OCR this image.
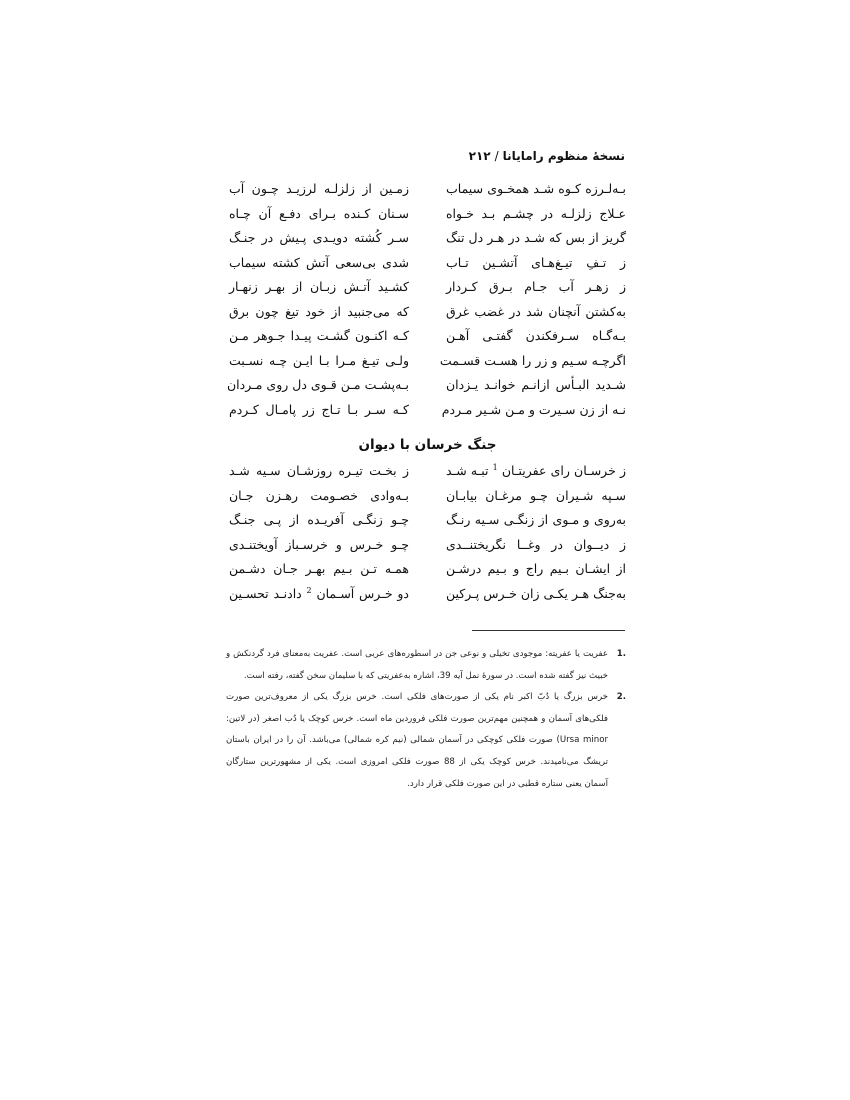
نسخهٔ منظوم رامایانا/۲۱۲
بـه‌لـرزه کـوه شـد همخـوی سیماب
زمـین از زلزلـه لرزیـد چـون آب
عـلاج زلزلـه در چشـم بـد خـواه
سـنان کـنده بـرای دفـع آن چـاه
گریز از بس که شـد در هـر دل تنگ
سـر کُشته دویـدی پـیش در جنـگ
ز تـفِ تیـغ‌هـای آتشـین تـاب
شدی بی‌سعی آتش کشته سیماب
ز زهـر آب جـام بـرق کـردار
کشـید آتـش زبـان از بهـر زنهـار
به‌کشتن آنچنان شد در غضب غرق
که می‌جنبید از خود تیغ چون برق
بـه‌گـاه سـرفکندن گفتـی آهـن
کـه اکنـون گشـت پیـدا جـوهر مـن
اگرچـه سـیم و زر را هسـت قسـمت
ولـی تیـغ مـرا بـا ایـن چـه نسـبت
شـدید البـأس ازانـم خوانـد یـزدان
بـه‌پشـت مـن قـوی دل روی مـردان
نـه از زن سـیرت و مـن شـیر مـردم
کـه سـر بـا تـاج زر پامـال کـردم
جنگ خرسان با دیوان
ز خرسـان رای عفریتـان $^1$ تبـه شـد
ز بخـت تیـره روزشـان سـیه شـد
سـپه شـیران چـو مرغـان بیابـان
بـه‌وادی خصـومت رهـزن جـان
به‌روی و مـوی از زنگـی سـیه رنـگ
چـو زنگـی آفریـده از پـی جنـگ
ز دیــوان در وغــا نگریختنــدی
چـو خـرس و خرسـباز آویختنـدی
از ایشـان بـیم راج و بـیم درشـن
همـه تـن بـیم بهـر جـان دشـمن
به‌جنگ هـر یکـی زان خـرس پـرکین
دو خـرس آسـمان $^2$ دادنـد تحسـین
1.
عفریت یا عفریته: موجودی تخیلی و نوعی جن در اسطوره‌های عربی است. عفریت به‌معنای فرد گردنکش و خبیث نیز گفته شده است. در سورهٔ نمل آیه 39، اشاره به‌عفریتی که با سلیمان سخن گفته، رفته است.
2.
خرس بزرگ یا دُبّ اکبر نام یکی از صورت‌های فلکی است. خرس بزرگ یکی از معروف‌ترین صورت فلکی‌های آسمان و همچنین مهم‌ترین صورت فلکی فروردین ماه است. خرس کوچک یا دُب اصغر (در لاتین: Ursa minor) صورت فلکی کوچکی در آسمان شمالی (نیم کره شمالی) می‌باشد. آن را در ایران باستان تریشگ می‌نامیدند. خرس کوچک یکی از 88 صورت فلکی امروزی است. یکی از مشهورترین ستارگان آسمان یعنی ستاره قطبی در این صورت فلکی قرار دارد.
